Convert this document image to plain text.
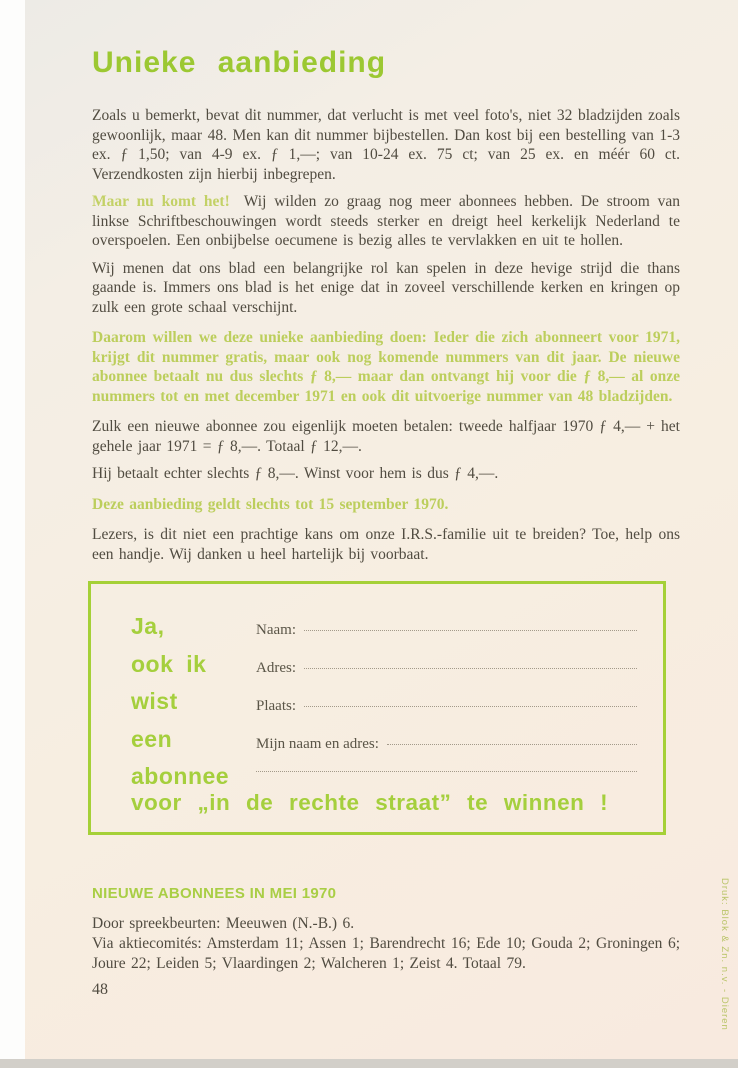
Unieke aanbieding

Zoals u bemerkt, bevat dit nummer, dat verlucht is met veel foto's, niet 32 bladzijden zoals gewoonlijk, maar 48. Men kan dit nummer bijbestellen. Dan kost bij een bestelling van 1-3 ex. ƒ 1,50; van 4-9 ex. ƒ 1,—; van 10-24 ex. 75 ct; van 25 ex. en méér 60 ct. Verzendkosten zijn hierbij inbegrepen.

Maar nu komt het! Wij wilden zo graag nog meer abonnees hebben. De stroom van linkse Schriftbeschouwingen wordt steeds sterker en dreigt heel kerkelijk Nederland te overspoelen. Een onbijbelse oecumene is bezig alles te vervlakken en uit te hollen.

Wij menen dat ons blad een belangrijke rol kan spelen in deze hevige strijd die thans gaande is. Immers ons blad is het enige dat in zoveel verschillende kerken en kringen op zulk een grote schaal verschijnt.

Daarom willen we deze unieke aanbieding doen: Ieder die zich abonneert voor 1971, krijgt dit nummer gratis, maar ook nog komende nummers van dit jaar. De nieuwe abonnee betaalt nu dus slechts ƒ 8,— maar dan ontvangt hij voor die ƒ 8,— al onze nummers tot en met december 1971 en ook dit uitvoerige nummer van 48 bladzijden.

Zulk een nieuwe abonnee zou eigenlijk moeten betalen: tweede halfjaar 1970 ƒ 4,— + het gehele jaar 1971 = ƒ 8,—. Totaal ƒ 12,—.

Hij betaalt echter slechts ƒ 8,—. Winst voor hem is dus ƒ 4,—.

Deze aanbieding geldt slechts tot 15 september 1970.

Lezers, is dit niet een prachtige kans om onze I.R.S.-familie uit te breiden? Toe, help ons een handje. Wij danken u heel hartelijk bij voorbaat.

Ja,
ook ik
wist
een
abonnee
Naam:
Adres:
Plaats:
Mijn naam en adres:
voor „in de rechte straat” te winnen !
NIEUWE ABONNEES IN MEI 1970

Door spreekbeurten: Meeuwen (N.-B.) 6.

Via aktiecomités: Amsterdam 11; Assen 1; Barendrecht 16; Ede 10; Gouda 2; Groningen 6; Joure 22; Leiden 5; Vlaardingen 2; Walcheren 1; Zeist 4. Totaal 79.

48	Druk: Blok & Zn. n.v. - Dieren
